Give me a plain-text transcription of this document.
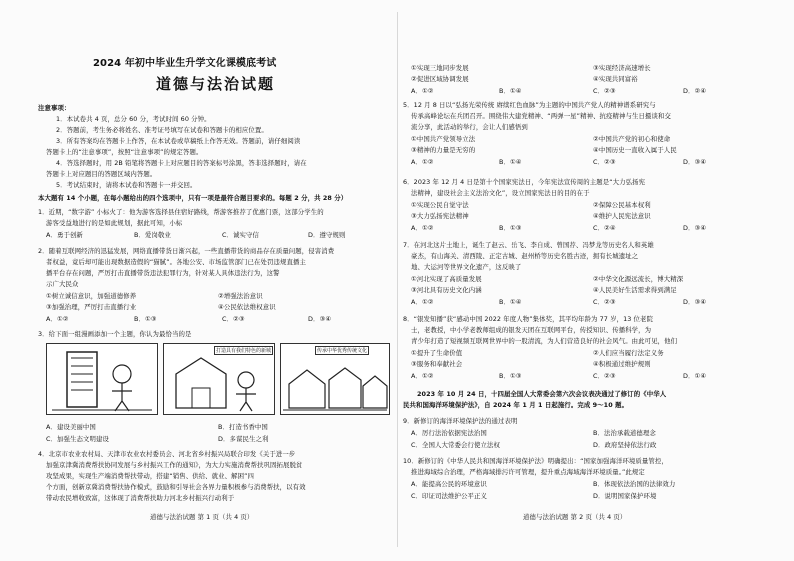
2024 年初中毕业生升学文化课模底考试
道德与法治试题
注意事项：
1．本试卷共 4 页，总分 60 分，考试时间 60 分钟。
2．答题前，考生务必将姓名、准考证号填写在试卷和答题卡的相应位置。
3．所有答案均在答题卡上作答，在本试卷或草稿纸上作答无效。答题前，请仔细阅读
答题卡上的“注意事项”，按照“注意事项”的规定答题。
4．答选择题时，用 2B 铅笔将答题卡上对应题目的答案标号涂黑，答非选择题时，请在
答题卡上对应题目的答题区域内答题。
5．考试结束时，请将本试卷和答题卡一并交回。
本大题有 14 个小题，在每小题给出的四个选项中，只有一项是最符合题目要求的。每题 2 分，共 28 分）
1．近期，“数字游” 小标火了：他为游客选择县住宿好路线，帮游客推荐了优惠门票，这部分学生的
游客受益地进行的是如此规划，据此可知，小标
A．勇于创新	B．爱岗敬业	C．诚实守信	D．遵守规则
2．随着互联网经济的迅猛发展，网络直播带货日渐兴起，一些直播带货的商品存在质量问题，侵害消费
者权益，竟后却可能出现数据造假的“猫腻”。各地公安、市场监管部门已在处罚违规直播主
播平台存在问题，严厉打击直播带货违法犯罪行为，针对某人具体违法行为，这警
示广大民众
①树立诚信意识，加强道德修养	②增强法治意识
③加强治理，严厉打击直播行业	④公民依法维权意识
A．①②	B．①③	C．②③	D．③④
3．给下面一组漫画添加一个主题，你认为最恰当的是
打造具有我们特色的新城	传承中华优秀传统文化
A．建设美丽中国	B．打造书香中国
C．加强生态文明建设	D．多谋民生之利
4．北京市农业农村局、天津市农业农村委员会、河北省乡村振兴局联合印发《关于进一步
加强京津冀消费帮扶协同发展与乡村振兴工作的通知》，为大力实施消费帮扶巩固拓展脱贫
攻坚成果，实现生产端消费帮扶带动，搭建“销售、供给、就业、解困”四
个方面，创新京冀消费帮扶协作模式，鼓励和引导社会各界力量积极参与消费帮扶，以有效
带动农民增收致富，这体现了消费帮扶助力河北乡村振兴行动利于
道德与法治试题 第 1 页（共 4 页）
①实现三地同步发展
②促进区域协调发展
③实现经济高速增长
④实现共同富裕
A．①②	B．①④	C．②③	D．②④
5．12 月 8 日以“弘扬光荣传统 赓续红色血脉”为主题的中国共产党人的精神谱系研究与
传承高峰论坛在兵团召开。围绕伟大建党精神、“两弹一星”精神、抗疫精神与生日摄谈和交
流分享，此活动的举行，会让人们感悟到
①中国共产党领导立法	②中国共产党的初心和使命
③精神的力量是无穷的	④中国历史一直收入属于人民
A．①②	B．①④	C．②③	D．③④
6．2023 年 12 月 4 日是第十个国家宪法日，今年宪法宣传周的主题是“大力弘扬宪
法精神，建设社会主义法治文化”，设立国家宪法日的目的在于
①实现公民自觉守法	②保障公民基本权利
③大力弘扬宪法精神	④维护人民宪法意识
A．①②	B．①③	C．②④	D．③④
7．在河北这片土地上，诞生了赵云、岳飞、李自成、曾国荐、冯梦龙等历史名人和英雄
豪杰，有山海关、清西陵、正定古城、赵州桥等历史名胜古迹，拥有长城遗址之
地、大运河等世界文化遗产，这反映了
①河北实现了高质量发展	②中华文化源远流长，博大精深
③河北具有历史文化内涵	④人民美好生活需求得到满足
A．①②	B．①④	C．②③	D．③④
8．“银发知播”获“感动中国 2022 年度人物”集体奖，其平均年龄为 77 岁，13 位老院
士，老教授，中小学老教师组成的银发天团在互联网平台，传授知识、传播科学，为
青少年打造了短视频互联网世界中的一股清流，为人们营造良好的社会风气。由此可见，他们
①提升了生命价值	②人们应当履行法定义务
③服务和奉献社会	④积极通过维护规则
A．①②	B．①③	C．②③	D．①④
2023 年 10 月 24 日，十四届全国人大常委会第六次会议表决通过了修订的《中华人
民共和国海洋环境保护法》，自 2024 年 1 月 1 日起施行。完成 9～10 题。
9．新修订的海洋环境保护法的通过表明
A．厉行法治依据宪法治国	B．法治承载道德理念
C．全国人大常委会行使立法权	D．政府坚持依法行政
10．新修订的《中华人民共和国海洋环境保护法》明确提出：“国家加强海洋环境质量管控，
推进海域综合治理，严格海域排污许可管理，提升重点海域海洋环境质量。”此规定
A．能提高公民的环境意识	B．体现依法治国的法律效力
C．印证司法维护公平正义	D．说明国家保护环境
道德与法治试题 第 2 页（共 4 页）
